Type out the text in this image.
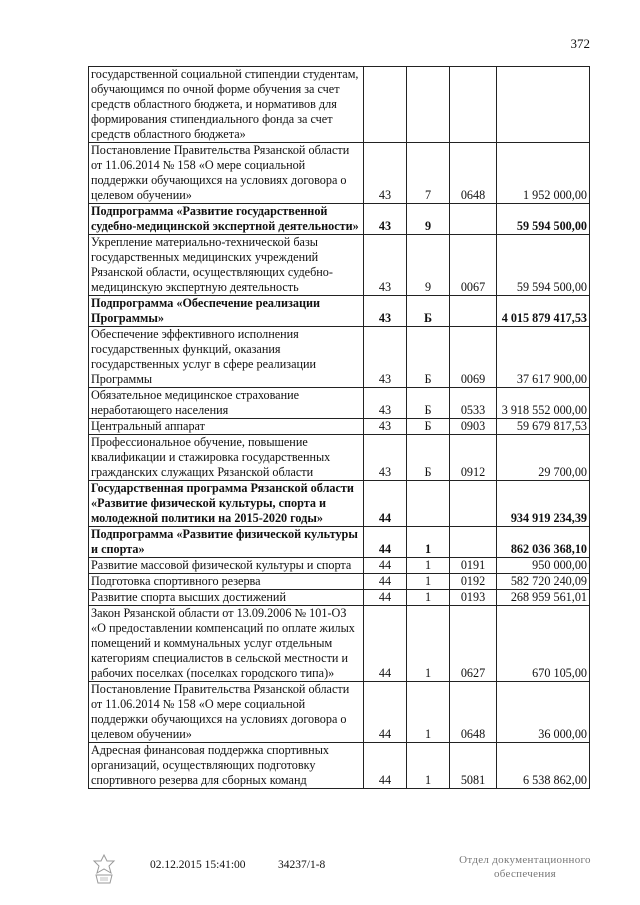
372
государственной социальной стипендии студентам, обучающимся по очной форме обучения за счет средств областного бюджета, и нормативов для формирования стипендиального фонда за счет средств областного бюджета»				
Постановление Правительства Рязанской области от 11.06.2014 № 158 «О мере социальной поддержки обучающихся на условиях договора о целевом обучении»	43	7	0648	1 952 000,00
Подпрограмма «Развитие государственной судебно-медицинской экспертной деятельности»	43	9		59 594 500,00
Укрепление материально-технической базы государственных медицинских учреждений Рязанской области, осуществляющих судебно-медицинскую экспертную деятельность	43	9	0067	59 594 500,00
Подпрограмма «Обеспечение реализации Программы»	43	Б		4 015 879 417,53
Обеспечение эффективного исполнения государственных функций, оказания государственных услуг в сфере реализации Программы	43	Б	0069	37 617 900,00
Обязательное медицинское страхование неработающего населения	43	Б	0533	3 918 552 000,00
Центральный аппарат	43	Б	0903	59 679 817,53
Профессиональное обучение, повышение квалификации и стажировка государственных гражданских служащих Рязанской области	43	Б	0912	29 700,00
Государственная программа Рязанской области «Развитие физической культуры, спорта и молодежной политики на 2015-2020 годы»	44			934 919 234,39
Подпрограмма «Развитие физической культуры и спорта»	44	1		862 036 368,10
Развитие массовой физической культуры и спорта	44	1	0191	950 000,00
Подготовка спортивного резерва	44	1	0192	582 720 240,09
Развитие спорта высших достижений	44	1	0193	268 959 561,01
Закон Рязанской области от 13.09.2006 № 101-ОЗ «О предоставлении компенсаций по оплате жилых помещений и коммунальных услуг отдельным категориям специалистов в сельской местности и рабочих поселках (поселках городского типа)»	44	1	0627	670 105,00
Постановление Правительства Рязанской области от 11.06.2014 № 158 «О мере социальной поддержки обучающихся на условиях договора о целевом обучении»	44	1	0648	36 000,00
Адресная финансовая поддержка спортивных организаций, осуществляющих подготовку спортивного резерва для сборных команд	44	1	5081	6 538 862,00
02.12.2015 15:41:00	34237/1-8	Отдел документационного обеспечения
